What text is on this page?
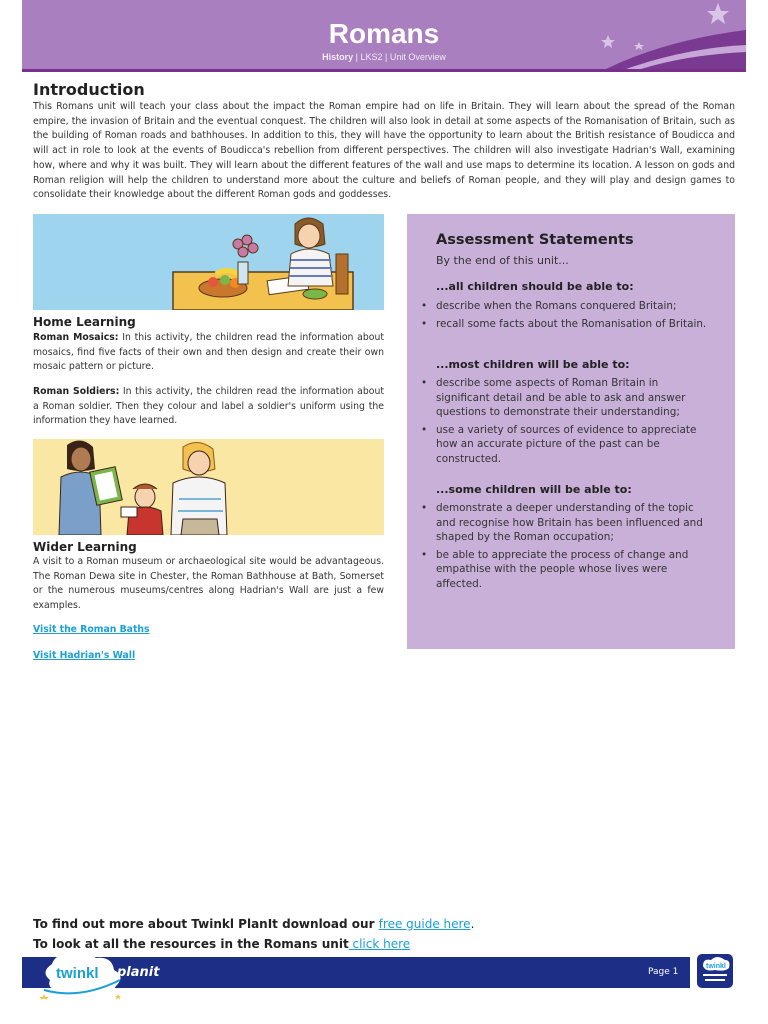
Romans
History | LKS2 | Unit Overview
Introduction
This Romans unit will teach your class about the impact the Roman empire had on life in Britain. They will learn about the spread of the Roman empire, the invasion of Britain and the eventual conquest. The children will also look in detail at some aspects of the Romanisation of Britain, such as the building of Roman roads and bathhouses. In addition to this, they will have the opportunity to learn about the British resistance of Boudicca and will act in role to look at the events of Boudicca's rebellion from different perspectives. The children will also investigate Hadrian's Wall, examining how, where and why it was built. They will learn about the different features of the wall and use maps to determine its location. A lesson on gods and Roman religion will help the children to understand more about the culture and beliefs of Roman people, and they will play and design games to consolidate their knowledge about the different Roman gods and goddesses.
Home Learning
Roman Mosaics: In this activity, the children read the information about mosaics, find five facts of their own and then design and create their own mosaic pattern or picture.
Roman Soldiers: In this activity, the children read the information about a Roman soldier. Then they colour and label a soldier's uniform using the information they have learned.
Wider Learning
A visit to a Roman museum or archaeological site would be advantageous. The Roman Dewa site in Chester, the Roman Bathhouse at Bath, Somerset or the numerous museums/centres along Hadrian's Wall are just a few examples.
Visit the Roman Baths
Visit Hadrian's Wall
Assessment Statements
By the end of this unit...
...all children should be able to:
• describe when the Romans conquered Britain;
• recall some facts about the Romanisation of Britain.
...most children will be able to:
• describe some aspects of Roman Britain in significant detail and be able to ask and answer questions to demonstrate their understanding;
• use a variety of sources of evidence to appreciate how an accurate picture of the past can be constructed.
...some children will be able to:
• demonstrate a deeper understanding of the topic and recognise how Britain has been influenced and shaped by the Roman occupation;
• be able to appreciate the process of change and empathise with the people whose lives were affected.
To find out more about Twinkl PlanIt download our free guide here.
To look at all the resources in the Romans unit click here
twinkl planit	Page 1
twinkl
